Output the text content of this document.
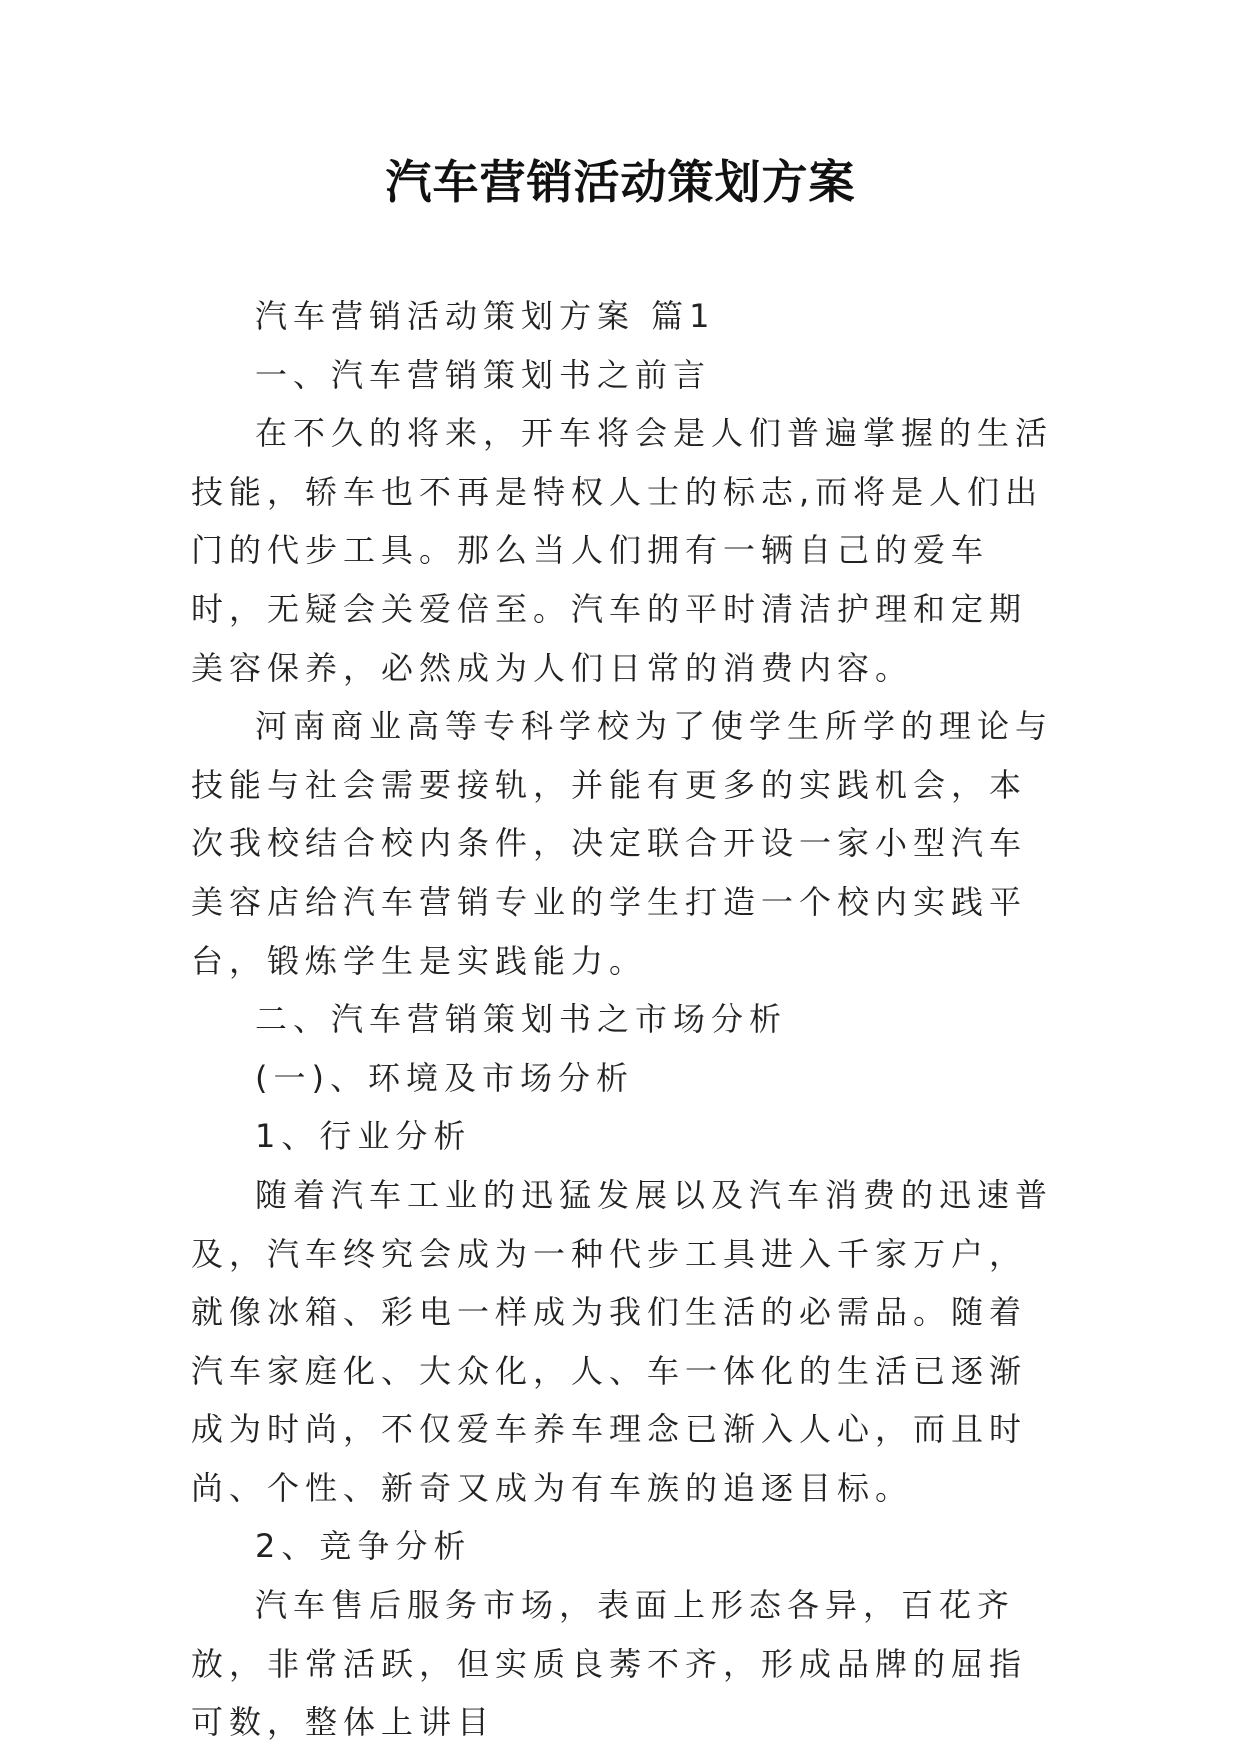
汽车营销活动策划方案

汽车营销活动策划方案 篇1

一、汽车营销策划书之前言

在不久的将来，开车将会是人们普遍掌握的生活技能，轿车也不再是特权人士的标志,而将是人们出门的代步工具。那么当人们拥有一辆自己的爱车时，无疑会关爱倍至。汽车的平时清洁护理和定期美容保养，必然成为人们日常的消费内容。

河南商业高等专科学校为了使学生所学的理论与技能与社会需要接轨，并能有更多的实践机会，本次我校结合校内条件，决定联合开设一家小型汽车美容店给汽车营销专业的学生打造一个校内实践平台，锻炼学生是实践能力。

二、汽车营销策划书之市场分析

(一)、环境及市场分析

1、行业分析

随着汽车工业的迅猛发展以及汽车消费的迅速普及，汽车终究会成为一种代步工具进入千家万户，就像冰箱、彩电一样成为我们生活的必需品。随着汽车家庭化、大众化，人、车一体化的生活已逐渐成为时尚，不仅爱车养车理念已渐入人心，而且时尚、个性、新奇又成为有车族的追逐目标。

2、竞争分析

汽车售后服务市场，表面上形态各异，百花齐放，非常活跃，但实质良莠不齐，形成品牌的屈指可数，整体上讲目
